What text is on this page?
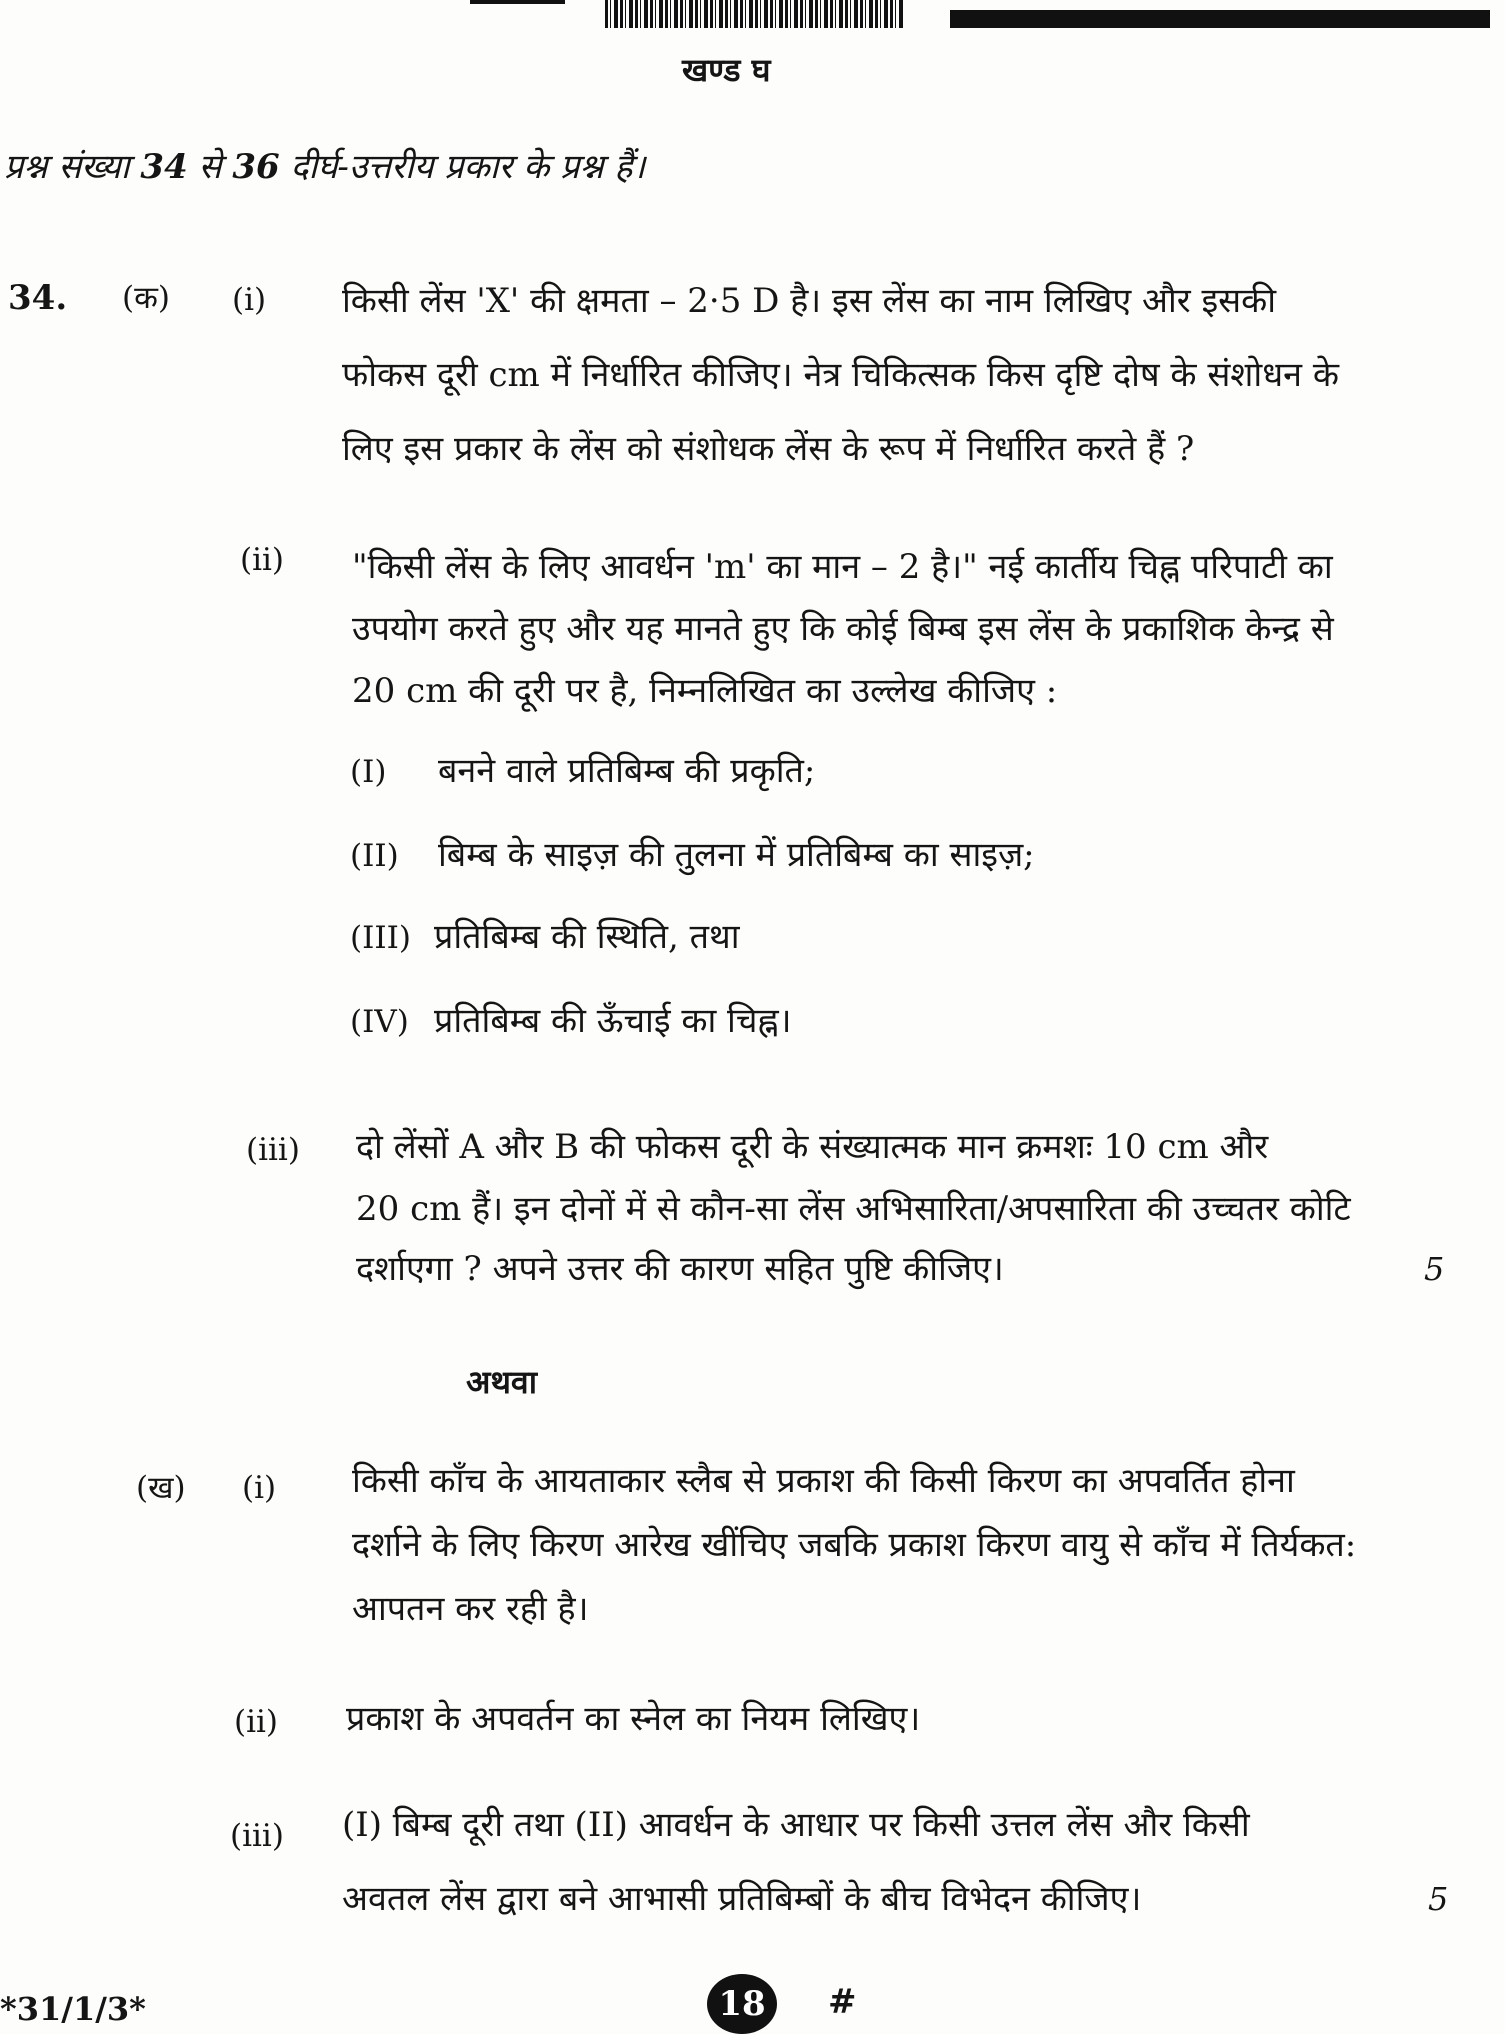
खण्ड घ
प्रश्न संख्या 34 से 36 दीर्घ-उत्तरीय प्रकार के प्रश्न हैं।
34. (क) (i) किसी लेंस 'X' की क्षमता – 2·5 D है। इस लेंस का नाम लिखिए और इसकी
फोकस दूरी cm में निर्धारित कीजिए। नेत्र चिकित्सक किस दृष्टि दोष के संशोधन के
लिए इस प्रकार के लेंस को संशोधक लेंस के रूप में निर्धारित करते हैं ?
(ii) "किसी लेंस के लिए आवर्धन 'm' का मान – 2 है।" नई कार्तीय चिह्न परिपाटी का
उपयोग करते हुए और यह मानते हुए कि कोई बिम्ब इस लेंस के प्रकाशिक केन्द्र से
20 cm की दूरी पर है, निम्नलिखित का उल्लेख कीजिए :
(I) बनने वाले प्रतिबिम्ब की प्रकृति;
(II) बिम्ब के साइज़ की तुलना में प्रतिबिम्ब का साइज़;
(III) प्रतिबिम्ब की स्थिति, तथा
(IV) प्रतिबिम्ब की ऊँचाई का चिह्न।
(iii) दो लेंसों A और B की फोकस दूरी के संख्यात्मक मान क्रमशः 10 cm और
20 cm हैं। इन दोनों में से कौन-सा लेंस अभिसारिता/अपसारिता की उच्चतर कोटि
दर्शाएगा ? अपने उत्तर की कारण सहित पुष्टि कीजिए।	5
अथवा
(ख) (i) किसी काँच के आयताकार स्लैब से प्रकाश की किसी किरण का अपवर्तित होना
दर्शाने के लिए किरण आरेख खींचिए जबकि प्रकाश किरण वायु से काँच में तिर्यकत:
आपतन कर रही है।
(ii) प्रकाश के अपवर्तन का स्नेल का नियम लिखिए।
(iii) (I) बिम्ब दूरी तथा (II) आवर्धन के आधार पर किसी उत्तल लेंस और किसी
अवतल लेंस द्वारा बने आभासी प्रतिबिम्बों के बीच विभेदन कीजिए।	5
*31/1/3*	18	#
